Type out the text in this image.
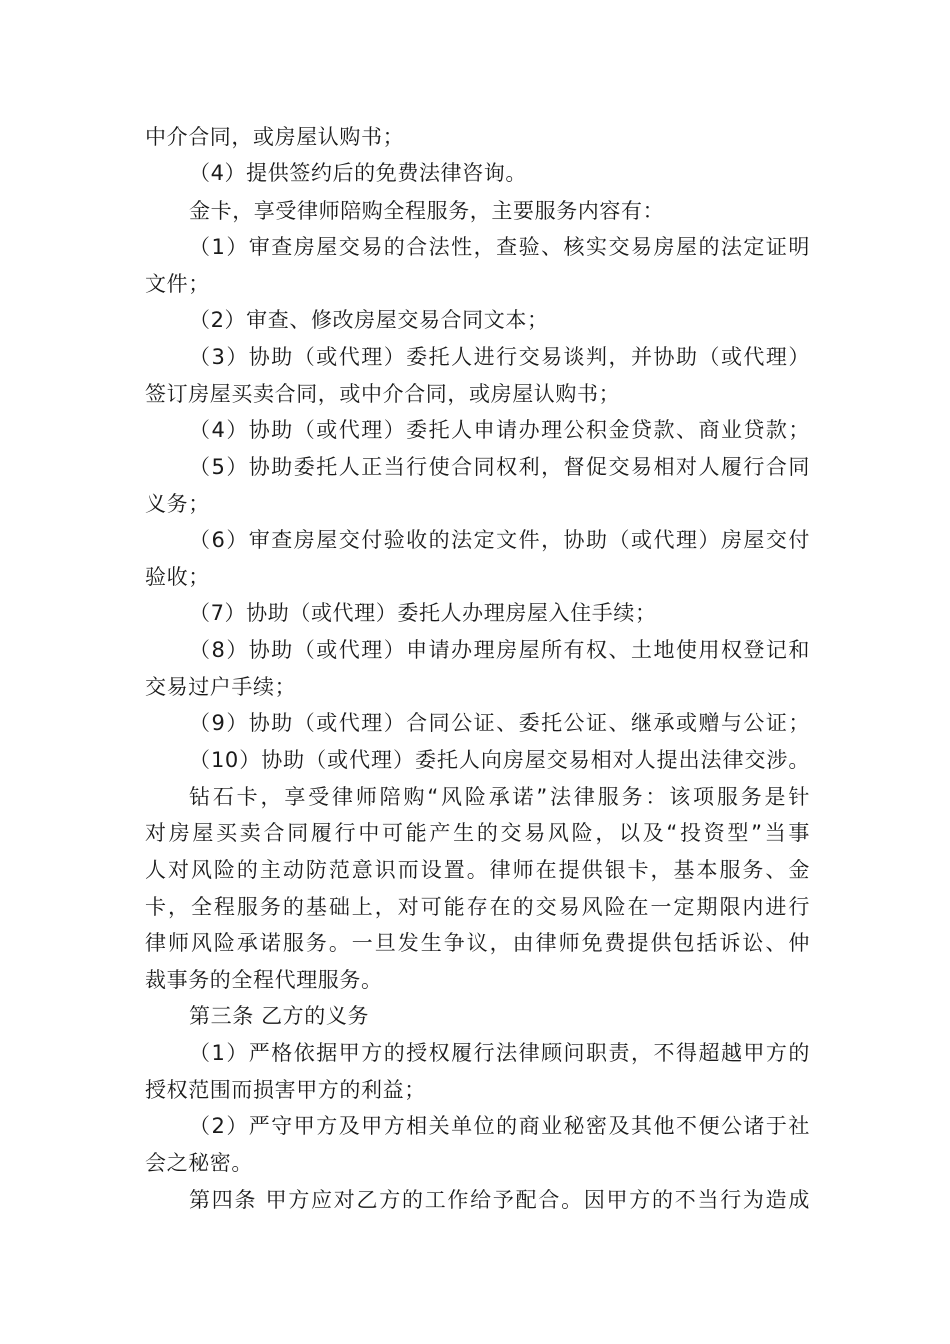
中介合同，或房屋认购书；
（4）提供签约后的免费法律咨询。
金卡，享受律师陪购全程服务，主要服务内容有：
（1）审查房屋交易的合法性，查验、核实交易房屋的法定证明
文件；
（2）审查、修改房屋交易合同文本；
（3）协助（或代理）委托人进行交易谈判，并协助（或代理）
签订房屋买卖合同，或中介合同，或房屋认购书；
（4）协助（或代理）委托人申请办理公积金贷款、商业贷款；
（5）协助委托人正当行使合同权利，督促交易相对人履行合同
义务；
（6）审查房屋交付验收的法定文件，协助（或代理）房屋交付
验收；
（7）协助（或代理）委托人办理房屋入住手续；
（8）协助（或代理）申请办理房屋所有权、土地使用权登记和
交易过户手续；
（9）协助（或代理）合同公证、委托公证、继承或赠与公证；
（10）协助（或代理）委托人向房屋交易相对人提出法律交涉。
钻石卡，享受律师陪购“风险承诺”法律服务：该项服务是针
对房屋买卖合同履行中可能产生的交易风险，以及“投资型”当事
人对风险的主动防范意识而设置。律师在提供银卡，基本服务、金
卡，全程服务的基础上，对可能存在的交易风险在一定期限内进行
律师风险承诺服务。一旦发生争议，由律师免费提供包括诉讼、仲
裁事务的全程代理服务。
第三条 乙方的义务
（1）严格依据甲方的授权履行法律顾问职责，不得超越甲方的
授权范围而损害甲方的利益；
（2）严守甲方及甲方相关单位的商业秘密及其他不便公诸于社
会之秘密。
第四条 甲方应对乙方的工作给予配合。因甲方的不当行为造成
